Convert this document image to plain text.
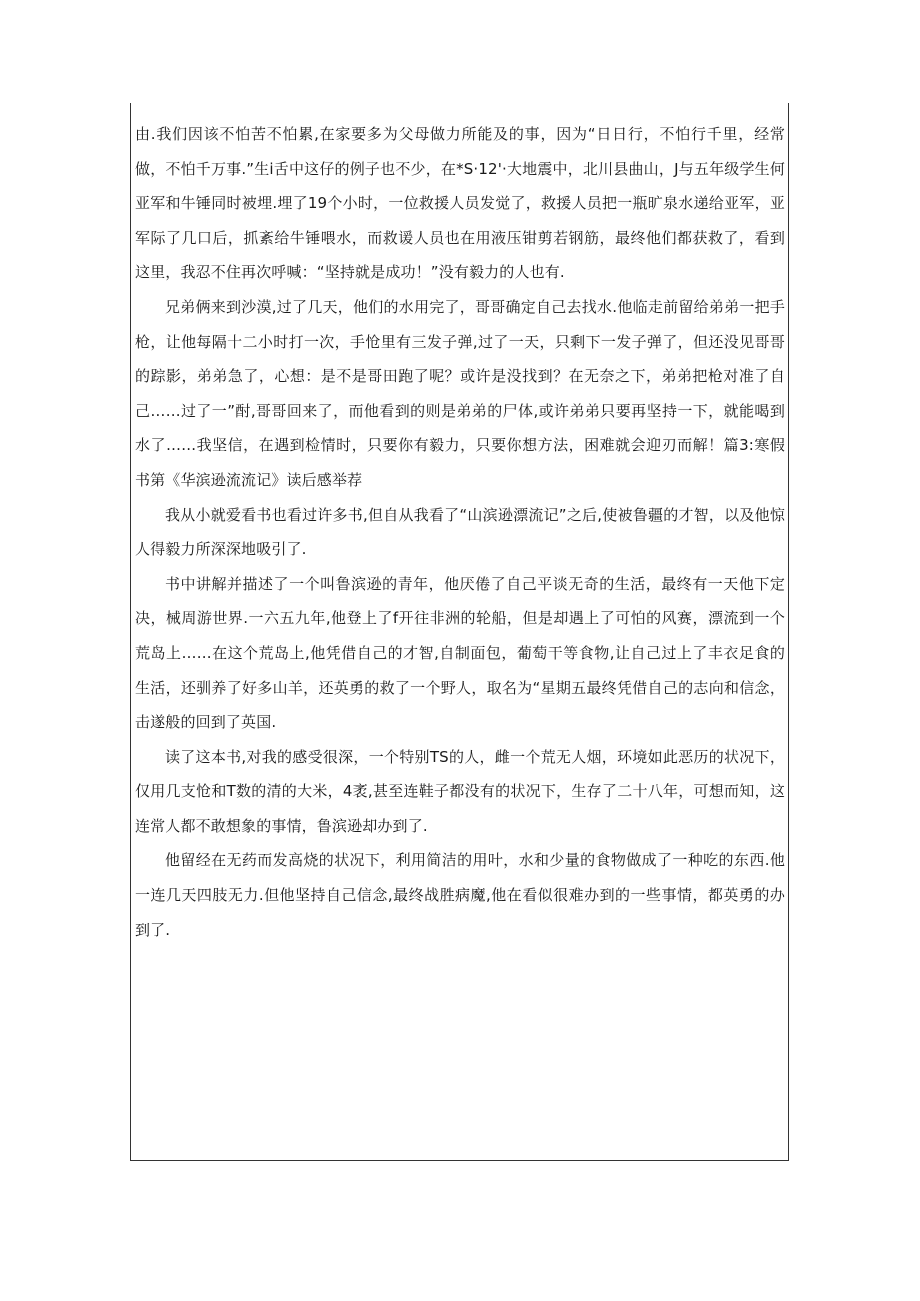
由.我们因该不怕苦不怕累,在家要多为父母做力所能及的事，因为“日日行，不怕行千里，经常做，不怕千万事.”生i舌中这仔的例子也不少，在*S·12'·大地震中，北川县曲山，J与五年级学生何亚军和牛锤同时被埋.埋了19个小时，一位救援人员发觉了，救援人员把一瓶旷泉水递给亚军，亚军际了几口后，抓紊给牛锤喂水，而救谖人员也在用液压钳剪若钢筋，最终他们都获救了，看到这里，我忍不住再次呼喊：“坚持就是成功！”没有毅力的人也有.

兄弟俩来到沙漠,过了几天，他们的水用完了，哥哥确定自己去找水.他临走前留给弟弟一把手枪，让他每隔十二小时打一次，手怆里有三发子弹,过了一天，只剩下一发子弹了，但还没见哥哥的踪影，弟弟急了，心想：是不是哥田跑了呢？或许是没找到？在无奈之下，弟弟把枪对准了自己……过了一”酎,哥哥回来了，而他看到的则是弟弟的尸体,或许弟弟只要再坚持一下，就能喝到水了……我坚信，在遇到检情时，只要你有毅力，只要你想方法，困难就会迎刃而解！篇3:寒假书第《华滨逊流流记》读后感举荐

我从小就爱看书也看过许多书,但自从我看了“山滨逊漂流记”之后,使被鲁疆的才智，以及他惊人得毅力所深深地吸引了.

书中讲解并描述了一个叫鲁滨逊的青年，他厌倦了自己平谈无奇的生活，最终有一天他下定决，械周游世界.一六五九年,他登上了f开往非洲的轮船，但是却遇上了可怕的风赛，漂流到一个荒岛上……在这个荒岛上,他凭借自己的才智,自制面包，葡萄干等食物,让自己过上了丰衣足食的生活，还驯养了好多山羊，还英勇的救了一个野人，取名为“星期五最终凭借自己的志向和信念，击遂般的回到了英国.

读了这本书,对我的感受很深，一个特别TS的人，雌一个荒无人烟，环境如此恶历的状况下，仅用几支怆和T数的清的大米，4袤,甚至连鞋子都没有的状况下，生存了二十八年，可想而知，这连常人都不敢想象的事情，鲁滨逊却办到了.

他留经在无药而发高烧的状况下，利用简洁的用叶，水和少量的食物做成了一种吃的东西.他一连几天四肢无力.但他坚持自己信念,最终战胜病魔,他在看似很难办到的一些事情，都英勇的办到了.
